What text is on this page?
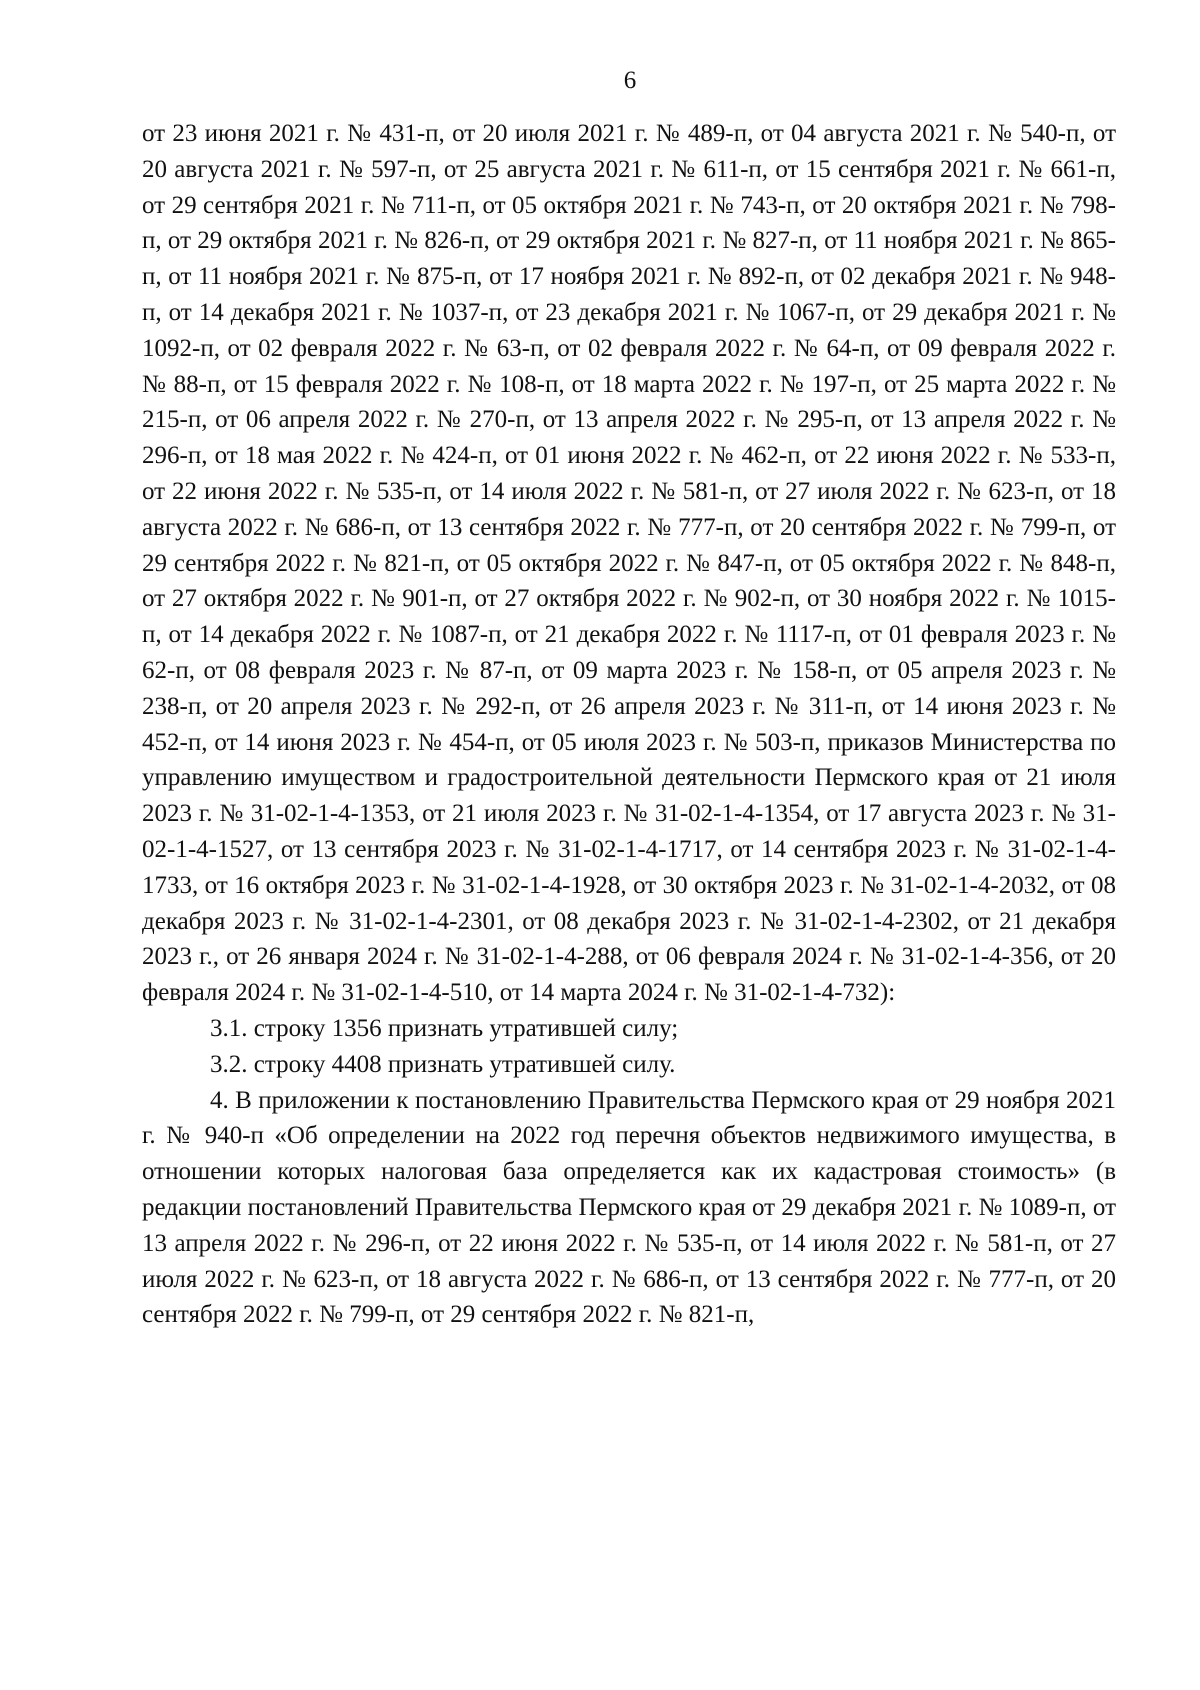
6

от 23 июня 2021 г. № 431-п, от 20 июля 2021 г. № 489-п, от 04 августа 2021 г. № 540-п, от 20 августа 2021 г. № 597-п, от 25 августа 2021 г. № 611-п, от 15 сентября 2021 г. № 661-п, от 29 сентября 2021 г. № 711-п, от 05 октября 2021 г. № 743-п, от 20 октября 2021 г. № 798-п, от 29 октября 2021 г. № 826-п, от 29 октября 2021 г. № 827-п, от 11 ноября 2021 г. № 865-п, от 11 ноября 2021 г. № 875-п, от 17 ноября 2021 г. № 892-п, от 02 декабря 2021 г. № 948-п, от 14 декабря 2021 г. № 1037-п, от 23 декабря 2021 г. № 1067-п, от 29 декабря 2021 г. № 1092-п, от 02 февраля 2022 г. № 63-п, от 02 февраля 2022 г. № 64-п, от 09 февраля 2022 г. № 88-п, от 15 февраля 2022 г. № 108-п, от 18 марта 2022 г. № 197-п, от 25 марта 2022 г. № 215-п, от 06 апреля 2022 г. № 270-п, от 13 апреля 2022 г. № 295-п, от 13 апреля 2022 г. № 296-п, от 18 мая 2022 г. № 424-п, от 01 июня 2022 г. № 462-п, от 22 июня 2022 г. № 533-п, от 22 июня 2022 г. № 535-п, от 14 июля 2022 г. № 581-п, от 27 июля 2022 г. № 623-п, от 18 августа 2022 г. № 686-п, от 13 сентября 2022 г. № 777-п, от 20 сентября 2022 г. № 799-п, от 29 сентября 2022 г. № 821-п, от 05 октября 2022 г. № 847-п, от 05 октября 2022 г. № 848-п, от 27 октября 2022 г. № 901-п, от 27 октября 2022 г. № 902-п, от 30 ноября 2022 г. № 1015-п, от 14 декабря 2022 г. № 1087-п, от 21 декабря 2022 г. № 1117-п, от 01 февраля 2023 г. № 62-п, от 08 февраля 2023 г. № 87-п, от 09 марта 2023 г. № 158-п, от 05 апреля 2023 г. № 238-п, от 20 апреля 2023 г. № 292-п, от 26 апреля 2023 г. № 311-п, от 14 июня 2023 г. № 452-п, от 14 июня 2023 г. № 454-п, от 05 июля 2023 г. № 503-п, приказов Министерства по управлению имуществом и градостроительной деятельности Пермского края от 21 июля 2023 г. № 31-02-1-4-1353, от 21 июля 2023 г. № 31-02-1-4-1354, от 17 августа 2023 г. № 31-02-1-4-1527, от 13 сентября 2023 г. № 31-02-1-4-1717, от 14 сентября 2023 г. № 31-02-1-4-1733, от 16 октября 2023 г. № 31-02-1-4-1928, от 30 октября 2023 г. № 31-02-1-4-2032, от 08 декабря 2023 г. № 31-02-1-4-2301, от 08 декабря 2023 г. № 31-02-1-4-2302, от 21 декабря 2023 г., от 26 января 2024 г. № 31-02-1-4-288, от 06 февраля 2024 г. № 31-02-1-4-356, от 20 февраля 2024 г. № 31-02-1-4-510, от 14 марта 2024 г. № 31-02-1-4-732):

3.1. строку 1356 признать утратившей силу;

3.2. строку 4408 признать утратившей силу.

4. В приложении к постановлению Правительства Пермского края от 29 ноября 2021 г. № 940-п «Об определении на 2022 год перечня объектов недвижимого имущества, в отношении которых налоговая база определяется как их кадастровая стоимость» (в редакции постановлений Правительства Пермского края от 29 декабря 2021 г. № 1089-п, от 13 апреля 2022 г. № 296-п, от 22 июня 2022 г. № 535-п, от 14 июля 2022 г. № 581-п, от 27 июля 2022 г. № 623-п, от 18 августа 2022 г. № 686-п, от 13 сентября 2022 г. № 777-п, от 20 сентября 2022 г. № 799-п, от 29 сентября 2022 г. № 821-п,
